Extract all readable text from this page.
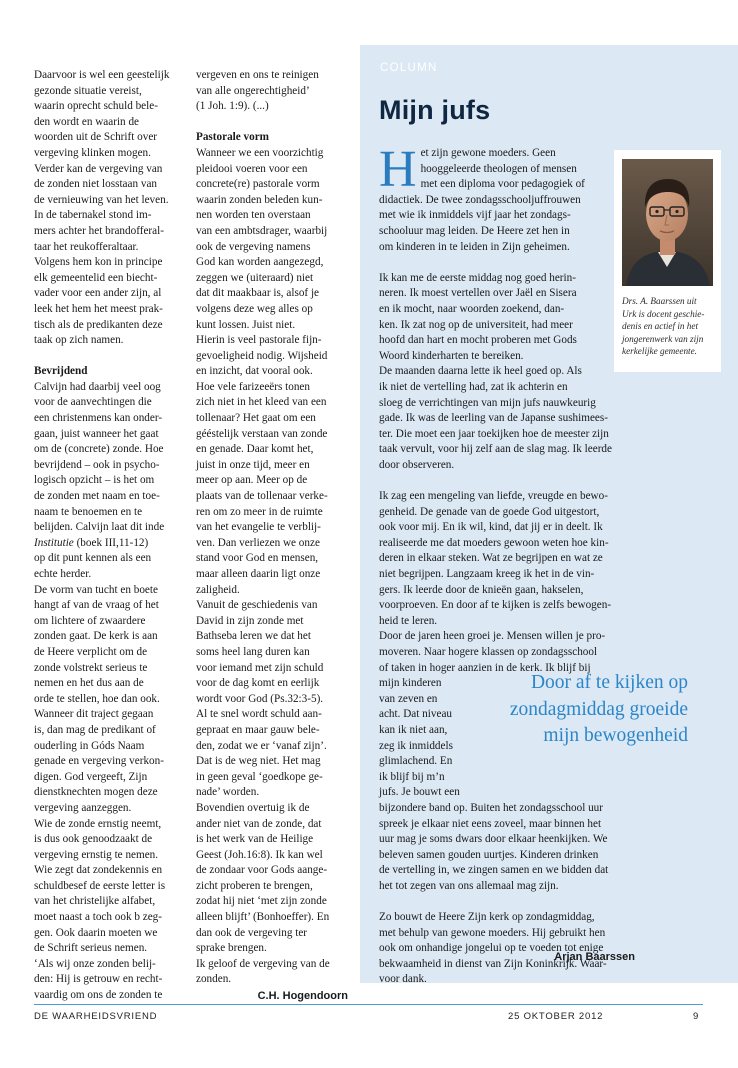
Daarvoor is wel een geestelijk
gezonde situatie vereist,
waarin oprecht schuld bele-
den wordt en waarin de
woorden uit de Schrift over
vergeving klinken mogen.
Verder kan de vergeving van
de zonden niet losstaan van
de vernieuwing van het leven.
In de tabernakel stond im-
mers achter het brandofferal-
taar het reukofferaltaar.
Volgens hem kon in principe
elk gemeentelid een biecht-
vader voor een ander zijn, al
leek het hem het meest prak-
tisch als de predikanten deze
taak op zich namen.

Bevrijdend

Calvijn had daarbij veel oog
voor de aanvechtingen die
een christenmens kan onder-
gaan, juist wanneer het gaat
om de (concrete) zonde. Hoe
bevrijdend – ook in psycho-
logisch opzicht – is het om
de zonden met naam en toe-
naam te benoemen en te
belijden. Calvijn laat dit inde Institutie (boek III,11-12)
op dit punt kennen als een
echte herder.

De vorm van tucht en boete
hangt af van de vraag of het
om lichtere of zwaardere
zonden gaat. De kerk is aan
de Heere verplicht om de
zonde volstrekt serieus te
nemen en het dus aan de
orde te stellen, hoe dan ook.
Wanneer dit traject gegaan
is, dan mag de predikant of
ouderling in Góds Naam
genade en vergeving verkon-
digen. God vergeeft, Zijn
dienstknechten mogen deze
vergeving aanzeggen.
Wie de zonde ernstig neemt,
is dus ook genoodzaakt de
vergeving ernstig te nemen.
Wie zegt dat zondekennis en
schuldbesef de eerste letter is
van het christelijke alfabet,
moet naast a toch ook b zeg-
gen. Ook daarin moeten we
de Schrift serieus nemen.
‘Als wij onze zonden belij-
den: Hij is getrouw en recht-
vaardig om ons de zonden te

vergeven en ons te reinigen
van alle ongerechtigheid’
(1 Joh. 1:9). (...)

Pastorale vorm

Wanneer we een voorzichtig
pleidooi voeren voor een
concrete(re) pastorale vorm
waarin zonden beleden kun-
nen worden ten overstaan
van een ambtsdrager, waarbij
ook de vergeving namens
God kan worden aangezegd,
zeggen we (uiteraard) niet
dat dit maakbaar is, alsof je
volgens deze weg alles op
kunt lossen. Juist niet.
Hierin is veel pastorale fijn-
gevoeligheid nodig. Wijsheid
en inzicht, dat vooral ook.
Hoe vele farizeeërs tonen
zich niet in het kleed van een
tollenaar? Het gaat om een
géésteliјk verstaan van zonde
en genade. Daar komt het,
juist in onze tijd, meer en
meer op aan. Meer op de
plaats van de tollenaar verke-
ren om zo meer in de ruimte
van het evangelie te verblij-
ven. Dan verliezen we onze
stand voor God en mensen,
maar alleen daarin ligt onze
zaligheid.
Vanuit de geschiedenis van
David in zijn zonde met
Bathseba leren we dat het
soms heel lang duren kan
voor iemand met zijn schuld
voor de dag komt en eerlijk
wordt voor God (Ps.32:3-5).
Al te snel wordt schuld aan-
gepraat en maar gauw bele-
den, zodat we er ‘vanaf zijn’.
Dat is de weg niet. Het mag
in geen geval ‘goedkope ge-
nade’ worden.
Bovendien overtuig ik de
ander niet van de zonde, dat
is het werk van de Heilige
Geest (Joh.16:8). Ik kan wel
de zondaar voor Gods aange-
zicht proberen te brengen,
zodat hij niet ‘met zijn zonde
alleen blijft’ (Bonhoeffer). En
dan ook de vergeving ter
sprake brengen.
Ik geloof de vergeving van de
zonden.

C.H. Hogendoorn
COLUMN
Mijn jufs

Het zijn gewone moeders. Geen
hooggeleerde theologen of mensen
met een diploma voor pedagogiek of
didactiek. De twee zondagsschooljuffrouwen
met wie ik inmiddels vijf jaar het zondags-
schooluur mag leiden. De Heere zet hen in
om kinderen in te leiden in Zijn geheimen.

Ik kan me de eerste middag nog goed herin-
neren. Ik moest vertellen over Jaël en Sisera
en ik mocht, naar woorden zoekend, dan-
ken. Ik zat nog op de universiteit, had meer
hoofd dan hart en mocht proberen met Gods
Woord kinderharten te bereiken.

De maanden daarna lette ik heel goed op. Als
ik niet de vertelling had, zat ik achterin en
sloeg de verrichtingen van mijn jufs nauwkeurig
gade. Ik was de leerling van de Japanse sushimees-
ter. Die moet een jaar toekijken hoe de meester zijn
taak vervult, voor hij zelf aan de slag mag. Ik leerde
door observeren.

Ik zag een mengeling van liefde, vreugde en bewo-
genheid. De genade van de goede God uitgestort,
ook voor mij. En ik wil, kind, dat jij er in deelt. Ik
realiseerde me dat moeders gewoon weten hoe kin-
deren in elkaar steken. Wat ze begrijpen en wat ze
niet begrijpen. Langzaam kreeg ik het in de vin-
gers. Ik leerde door de knieën gaan, hakselen,
voorproeven. En door af te kijken is zelfs bewogen-
heid te leren.
Door de jaren heen groei je. Mensen willen je pro-
moveren. Naar hogere klassen op zondagsschool
of taken in hoger aanzien in de kerk. Ik blijf bij

mijn kinderen
van zeven en
acht. Dat niveau
kan ik niet aan,
zeg ik inmiddels
glimlachend. En
ik blijf bij m’n
jufs. Je bouwt een

bijzondere band op. Buiten het zondagsschool uur
spreek je elkaar niet eens zoveel, maar binnen het
uur mag je soms dwars door elkaar heenkijken. We
beleven samen gouden uurtjes. Kinderen drinken
de vertelling in, we zingen samen en we bidden dat
het tot zegen van ons allemaal mag zijn.

Zo bouwt de Heere Zijn kerk op zondagmiddag,
met behulp van gewone moeders. Hij gebruikt hen
ook om onhandige jongelui op te voeden tot enige
bekwaamheid in dienst van Zijn Koninkrijk. Waar-
voor dank.

Drs. A. Baarssen uit
Urk is docent geschie-
denis en actief in het
jongerenwerk van zijn
kerkelijke gemeente.
Door af te kijken op
zondagmiddag groeide
mijn bewogenheid
Arjan Baarssen
DE WAARHEIDSVRIEND	25 OKTOBER 2012	9
